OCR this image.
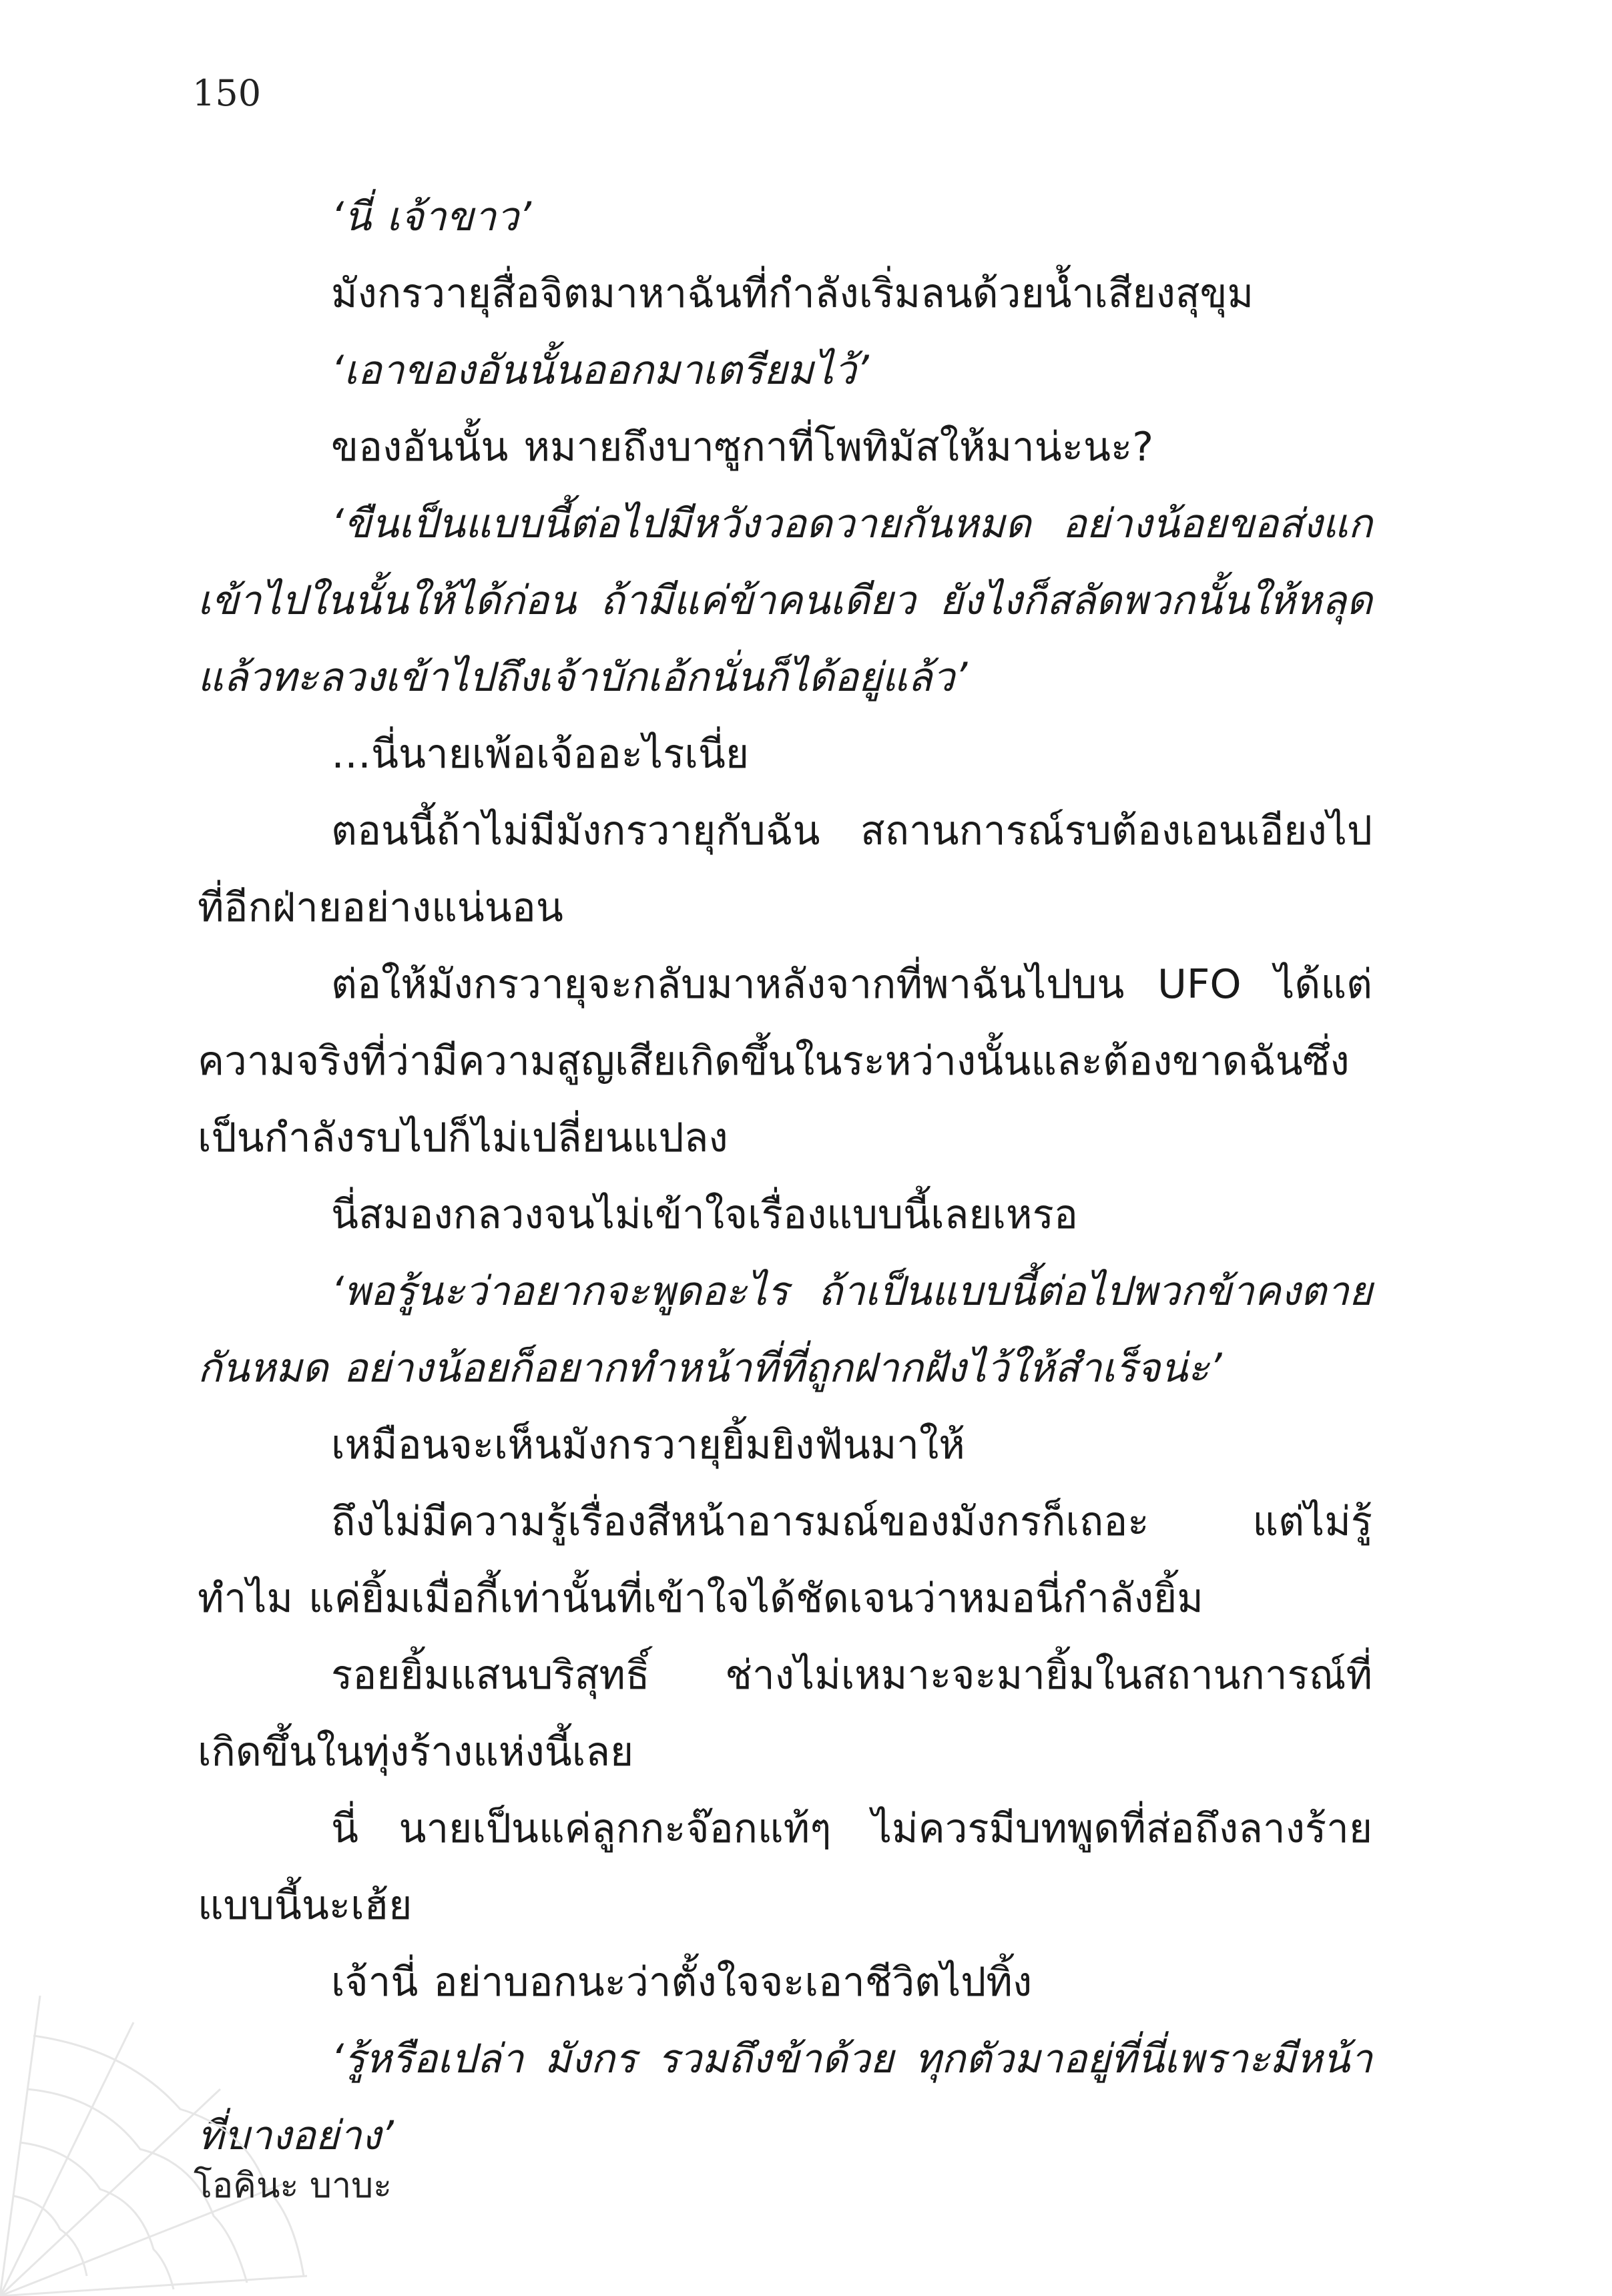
150

‘นี่ เจ้าขาว’

มังกรวายุสื่อจิตมาหาฉันที่กำลังเริ่มลนด้วยน้ำเสียงสุขุม

‘เอาของอันนั้นออกมาเตรียมไว้’

ของอันนั้น หมายถึงบาซูกาที่โพทิมัสให้มาน่ะนะ?

‘ขืนเป็นแบบนี้ต่อไปมีหวังวอดวายกันหมด อย่างน้อยขอส่งแกเข้าไปในนั้นให้ได้ก่อน ถ้ามีแค่ข้าคนเดียว ยังไงก็สลัดพวกนั้นให้หลุดแล้วทะลวงเข้าไปถึงเจ้าบักเอ้กนั่นก็ได้อยู่แล้ว’

…นี่นายเพ้อเจ้ออะไรเนี่ย

ตอนนี้ถ้าไม่มีมังกรวายุกับฉัน สถานการณ์รบต้องเอนเอียงไปที่อีกฝ่ายอย่างแน่นอน

ต่อให้มังกรวายุจะกลับมาหลังจากที่พาฉันไปบน UFO ได้แต่ความจริงที่ว่ามีความสูญเสียเกิดขึ้นในระหว่างนั้นและต้องขาดฉันซึ่งเป็นกำลังรบไปก็ไม่เปลี่ยนแปลง

นี่สมองกลวงจนไม่เข้าใจเรื่องแบบนี้เลยเหรอ

‘พอรู้นะว่าอยากจะพูดอะไร ถ้าเป็นแบบนี้ต่อไปพวกข้าคงตายกันหมด อย่างน้อยก็อยากทำหน้าที่ที่ถูกฝากฝังไว้ให้สำเร็จน่ะ’

เหมือนจะเห็นมังกรวายุยิ้มยิงฟันมาให้

ถึงไม่มีความรู้เรื่องสีหน้าอารมณ์ของมังกรก็เถอะ แต่ไม่รู้ทำไม แค่ยิ้มเมื่อกี้เท่านั้นที่เข้าใจได้ชัดเจนว่าหมอนี่กำลังยิ้ม

รอยยิ้มแสนบริสุทธิ์ ช่างไม่เหมาะจะมายิ้มในสถานการณ์ที่เกิดขึ้นในทุ่งร้างแห่งนี้เลย

นี่ นายเป็นแค่ลูกกะจ๊อกแท้ๆ ไม่ควรมีบทพูดที่ส่อถึงลางร้ายแบบนี้นะเฮ้ย

เจ้านี่ อย่าบอกนะว่าตั้งใจจะเอาชีวิตไปทิ้ง

‘รู้หรือเปล่า มังกร รวมถึงข้าด้วย ทุกตัวมาอยู่ที่นี่เพราะมีหน้าที่บางอย่าง’

โอคินะ บาบะ
